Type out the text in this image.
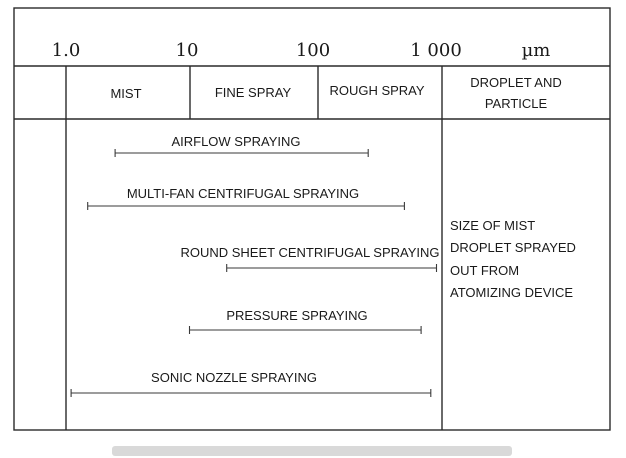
1.0	10	100	1 000	µm
MIST	FINE SPRAY	ROUGH SPRAY
DROPLET AND
PARTICLE
AIRFLOW SPRAYING
MULTI-FAN CENTRIFUGAL SPRAYING
ROUND SHEET CENTRIFUGAL SPRAYING
PRESSURE SPRAYING
SONIC NOZZLE SPRAYING
SIZE OF MIST
DROPLET SPRAYED
OUT FROM
ATOMIZING DEVICE
